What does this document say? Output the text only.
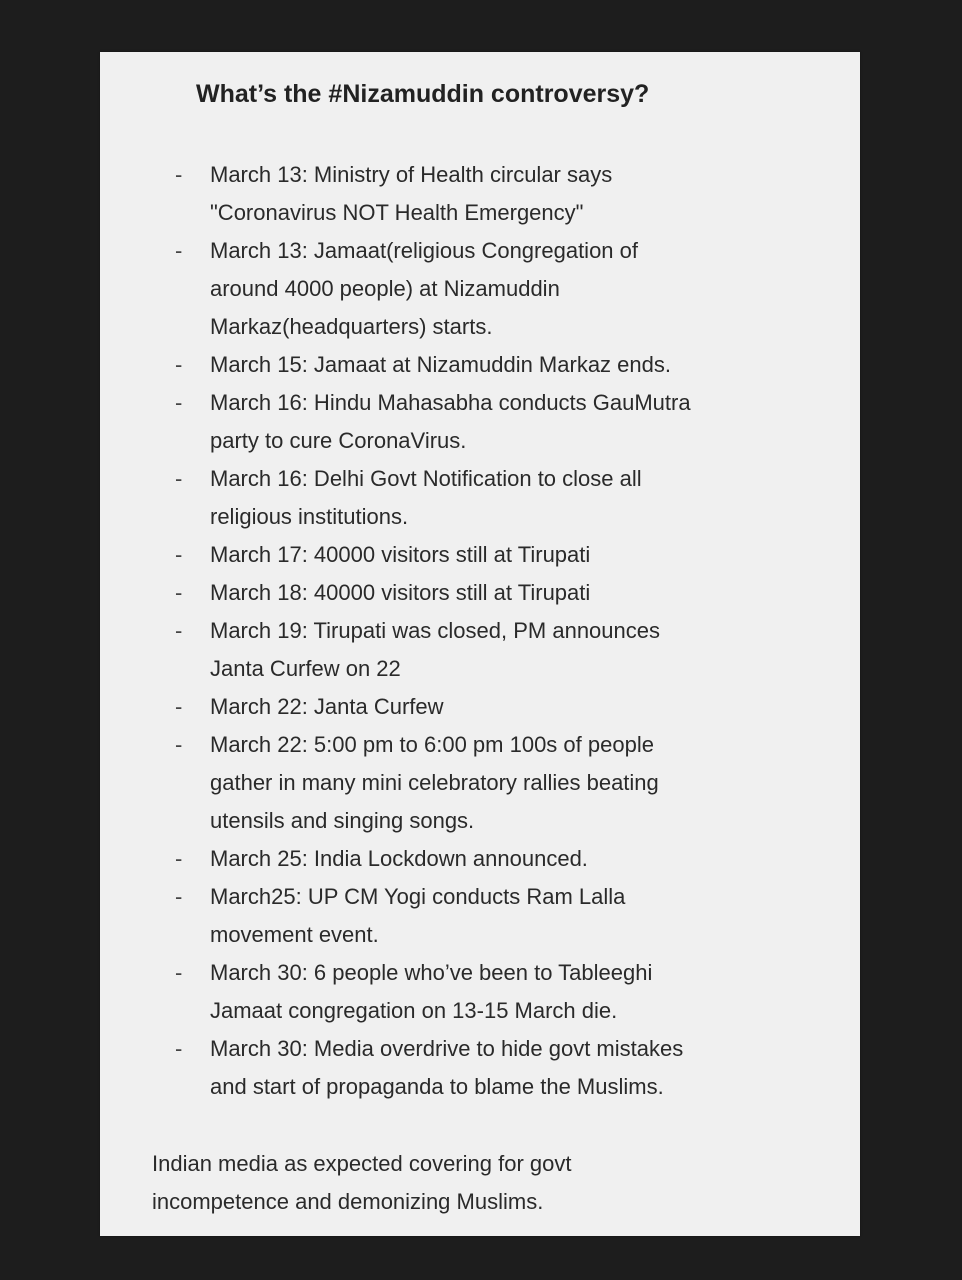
What’s the #Nizamuddin controversy?
- March 13: Ministry of Health circular says
"Coronavirus NOT Health Emergency"
- March 13: Jamaat(religious Congregation of
around 4000 people) at Nizamuddin
Markaz(headquarters) starts.
- March 15: Jamaat at Nizamuddin Markaz ends.
- March 16: Hindu Mahasabha conducts GauMutra
party to cure CoronaVirus.
- March 16: Delhi Govt Notification to close all
religious institutions.
- March 17: 40000 visitors still at Tirupati
- March 18: 40000 visitors still at Tirupati
- March 19: Tirupati was closed, PM announces
Janta Curfew on 22
- March 22: Janta Curfew
- March 22: 5:00 pm to 6:00 pm 100s of people
gather in many mini celebratory rallies beating
utensils and singing songs.
- March 25: India Lockdown announced.
- March25: UP CM Yogi conducts Ram Lalla
movement event.
- March 30: 6 people who’ve been to Tableeghi
Jamaat congregation on 13-15 March die.
- March 30: Media overdrive to hide govt mistakes
and start of propaganda to blame the Muslims.
Indian media as expected covering for govt
incompetence and demonizing Muslims.
